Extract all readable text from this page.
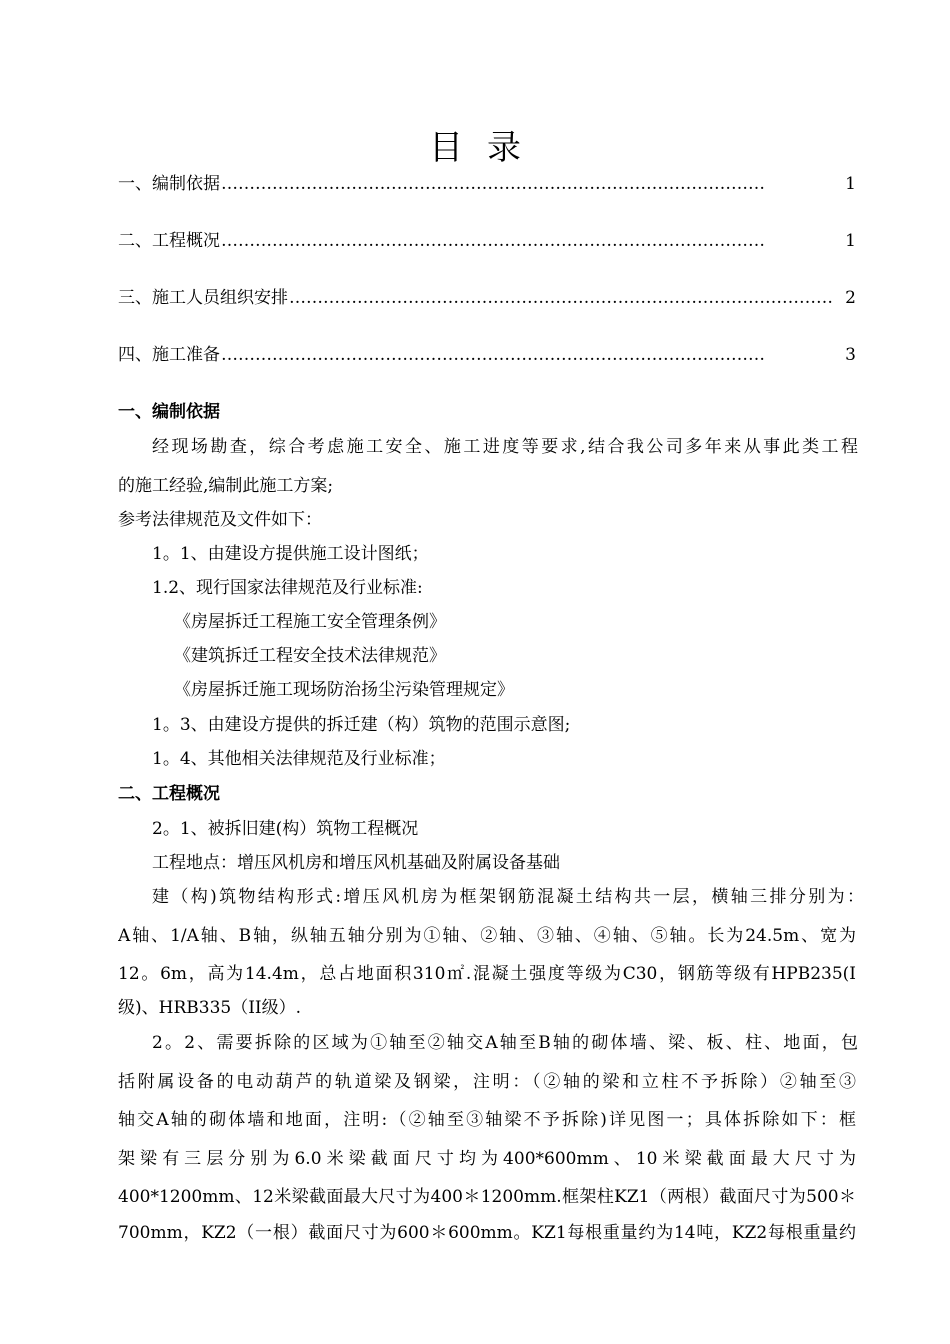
目录
一、编制依据 ……………………………………………………………………………………	1
二、工程概况 ……………………………………………………………………………………	1
三、施工人员组织安排 …………………………………………………………………………………… 2
四、施工准备 ……………………………………………………………………………………	3
一、编制依据
经现场勘查，综合考虑施工安全、施工进度等要求,结合我公司多年来从事此类工程
的施工经验,编制此施工方案;
参考法律规范及文件如下：
1。1、由建设方提供施工设计图纸；
1.2、现行国家法律规范及行业标准:
《房屋拆迁工程施工安全管理条例》
《建筑拆迁工程安全技术法律规范》
《房屋拆迁施工现场防治扬尘污染管理规定》
1。3、由建设方提供的拆迁建（构）筑物的范围示意图;
1。4、其他相关法律规范及行业标准；
二、工程概况
2。1、被拆旧建(构）筑物工程概况
工程地点：增压风机房和增压风机基础及附属设备基础
建（构)筑物结构形式:增压风机房为框架钢筋混凝土结构共一层，横轴三排分别为：
A轴、1/A轴、B轴，纵轴五轴分别为①轴、②轴、③轴、④轴、⑤轴。长为24.5m、宽为
12。6m，高为14.4m，总占地面积310㎡.混凝土强度等级为C30，钢筋等级有HPB235(I
级)、HRB335（II级）.
2。2、需要拆除的区域为①轴至②轴交A轴至B轴的砌体墙、梁、板、柱、地面，包
括附属设备的电动葫芦的轨道梁及钢梁，注明：（②轴的梁和立柱不予拆除）②轴至③
轴交A轴的砌体墙和地面，注明:（②轴至③轴梁不予拆除)详见图一；具体拆除如下：框
架梁有三层分别为6.0米梁截面尺寸均为400*600mm、10米梁截面最大尺寸为
400*1200mm、12米梁截面最大尺寸为400＊1200mm.框架柱KZ1（两根）截面尺寸为500＊
700mm，KZ2（一根）截面尺寸为600＊600mm。KZ1每根重量约为14吨，KZ2每根重量约
